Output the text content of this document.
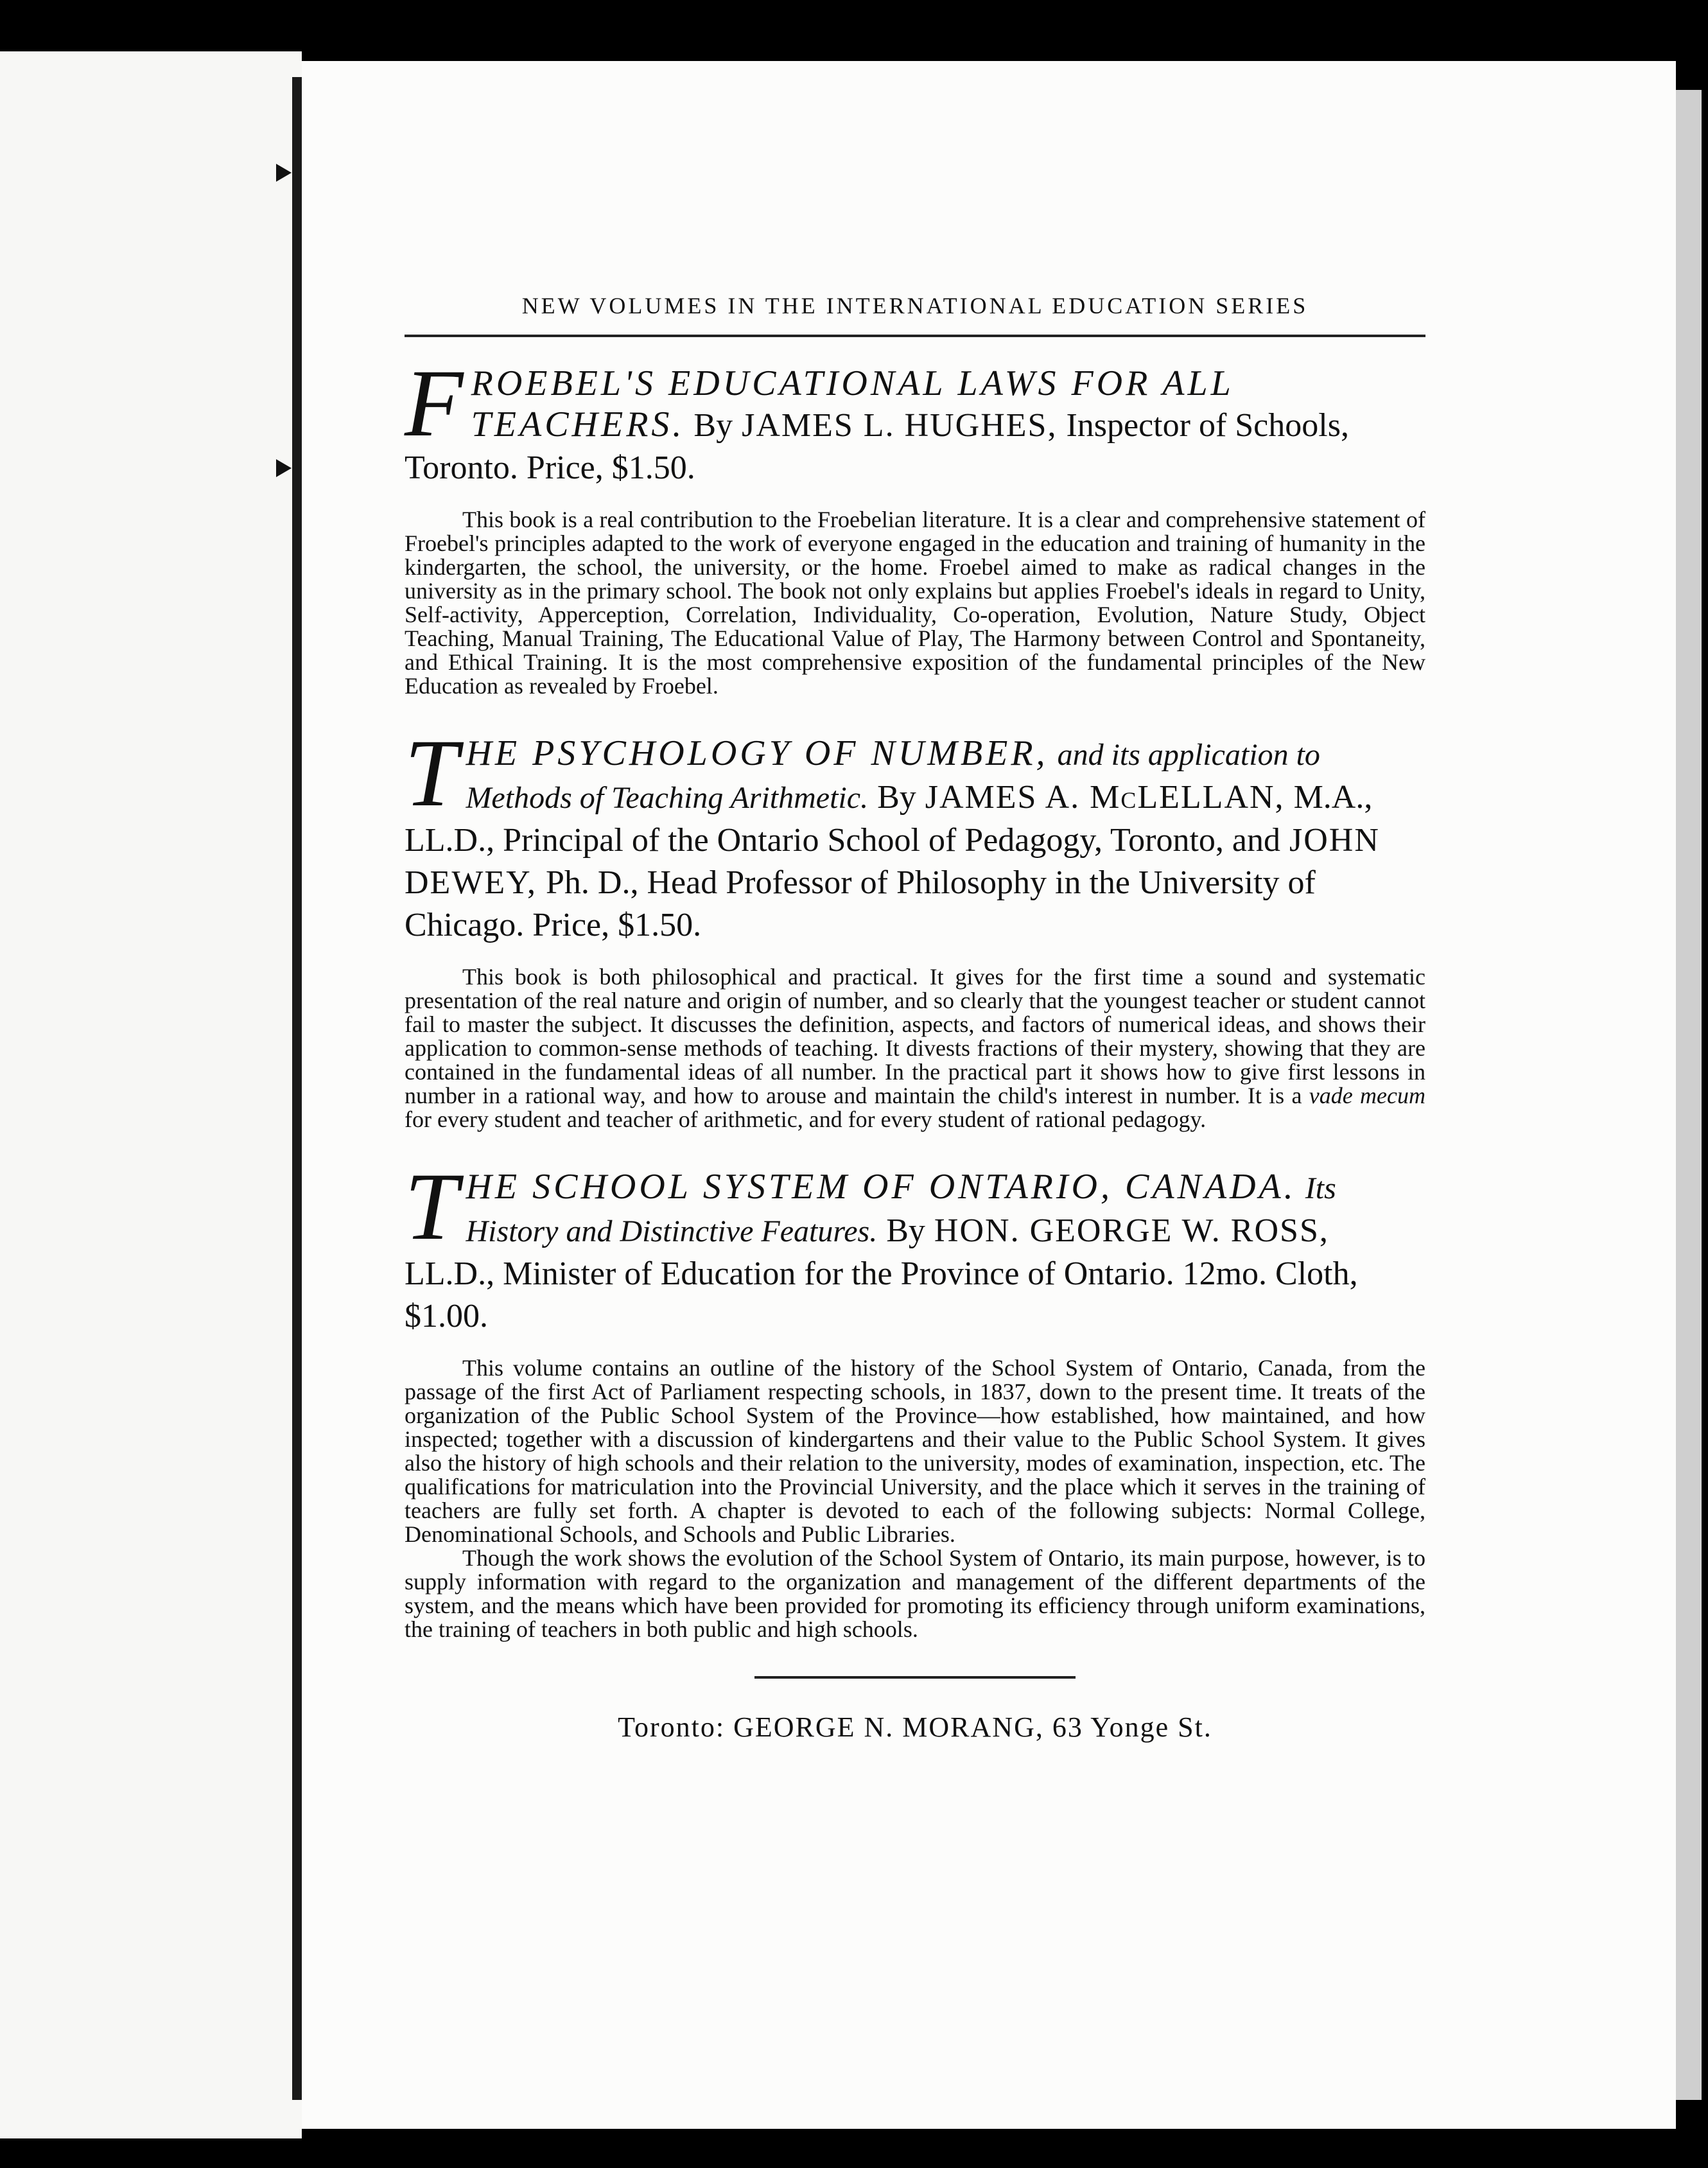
NEW VOLUMES IN THE INTERNATIONAL EDUCATION SERIES

F ROEBEL'S EDUCATIONAL LAWS FOR ALL TEACHERS. By JAMES L. HUGHES, Inspector of Schools, Toronto. Price, $1.50.

This book is a real contribution to the Froebelian literature. It is a clear and comprehensive statement of Froebel's principles adapted to the work of everyone engaged in the education and training of humanity in the kindergarten, the school, the university, or the home. Froebel aimed to make as radical changes in the university as in the primary school. The book not only explains but applies Froebel's ideals in regard to Unity, Self-activity, Apperception, Correlation, Individuality, Co-operation, Evolution, Nature Study, Object Teaching, Manual Training, The Educational Value of Play, The Harmony between Control and Spontaneity, and Ethical Training. It is the most comprehensive exposition of the fundamental principles of the New Education as revealed by Froebel.

T HE PSYCHOLOGY OF NUMBER, and its application to Methods of Teaching Arithmetic. By JAMES A. McLELLAN, M.A., LL.D., Principal of the Ontario School of Pedagogy, Toronto, and JOHN DEWEY, Ph. D., Head Professor of Philosophy in the University of Chicago. Price, $1.50.

This book is both philosophical and practical. It gives for the first time a sound and systematic presentation of the real nature and origin of number, and so clearly that the youngest teacher or student cannot fail to master the subject. It discusses the definition, aspects, and factors of numerical ideas, and shows their application to common-sense methods of teaching. It divests fractions of their mystery, showing that they are contained in the fundamental ideas of all number. In the practical part it shows how to give first lessons in number in a rational way, and how to arouse and maintain the child's interest in number. It is a vade mecum for every student and teacher of arithmetic, and for every student of rational pedagogy.

T HE SCHOOL SYSTEM OF ONTARIO, CANADA. Its History and Distinctive Features. By HON. GEORGE W. ROSS, LL.D., Minister of Education for the Province of Ontario. 12mo. Cloth, $1.00.

This volume contains an outline of the history of the School System of Ontario, Canada, from the passage of the first Act of Parliament respecting schools, in 1837, down to the present time. It treats of the organization of the Public School System of the Province—how established, how maintained, and how inspected; together with a discussion of kindergartens and their value to the Public School System. It gives also the history of high schools and their relation to the university, modes of examination, inspection, etc. The qualifications for matriculation into the Provincial University, and the place which it serves in the training of teachers are fully set forth. A chapter is devoted to each of the following subjects: Normal College, Denominational Schools, and Schools and Public Libraries.

Though the work shows the evolution of the School System of Ontario, its main purpose, however, is to supply information with regard to the organization and management of the different departments of the system, and the means which have been provided for promoting its efficiency through uniform examinations, the training of teachers in both public and high schools.

Toronto: GEORGE N. MORANG, 63 Yonge St.
